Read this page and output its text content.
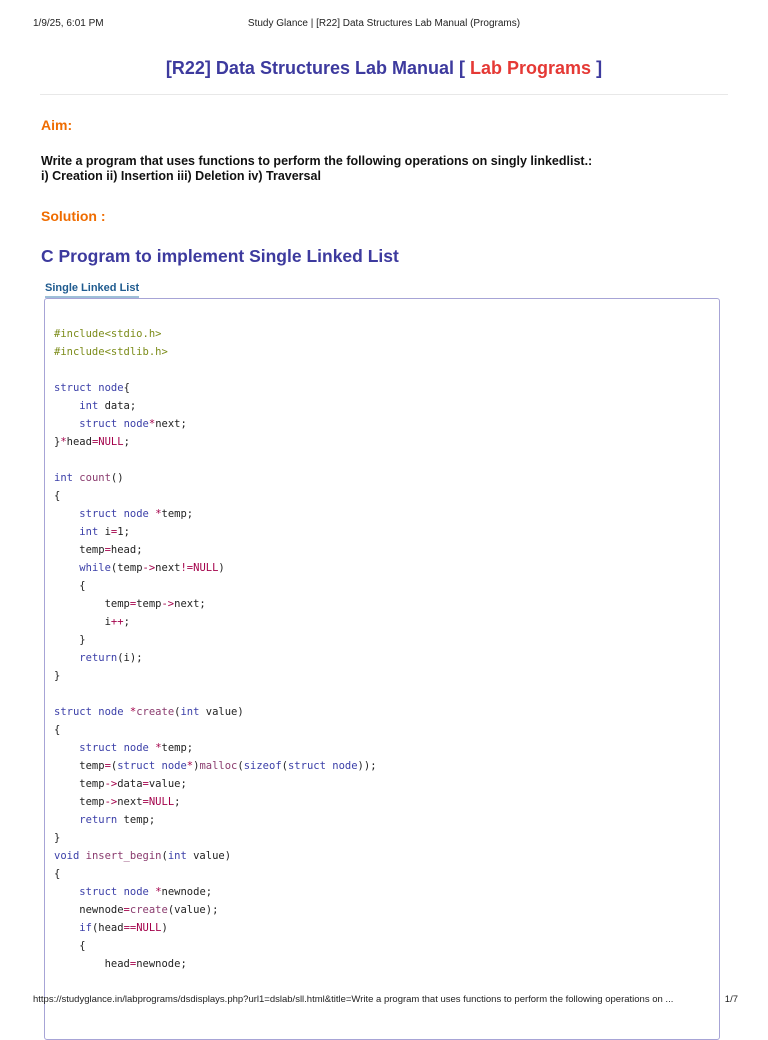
1/9/25, 6:01 PM	Study Glance | [R22] Data Structures Lab Manual (Programs)
[R22] Data Structures Lab Manual [ Lab Programs ]
Aim:
Write a program that uses functions to perform the following operations on singly linkedlist.:
i) Creation ii) Insertion iii) Deletion iv) Traversal
Solution :
C Program to implement Single Linked List
Single Linked List
#include<stdio.h>
#include<stdlib.h>

struct node{
int data;
struct node*next;
}*head=NULL;

int count()
{
struct node *temp;
int i=1;
temp=head;
while(temp->next!=NULL)
{
temp=temp->next;
i++;
}
return(i);
}

struct node *create(int value)
{
struct node *temp;
temp=(struct node*)malloc(sizeof(struct node));
temp->data=value;
temp->next=NULL;
return temp;
}
void insert_begin(int value)
{
struct node *newnode;
newnode=create(value);
if(head==NULL)
{
head=newnode;
https://studyglance.in/labprograms/dsdisplays.php?url1=dslab/sll.html&title=Write a program that uses functions to perform the following operations on ...	1/7
